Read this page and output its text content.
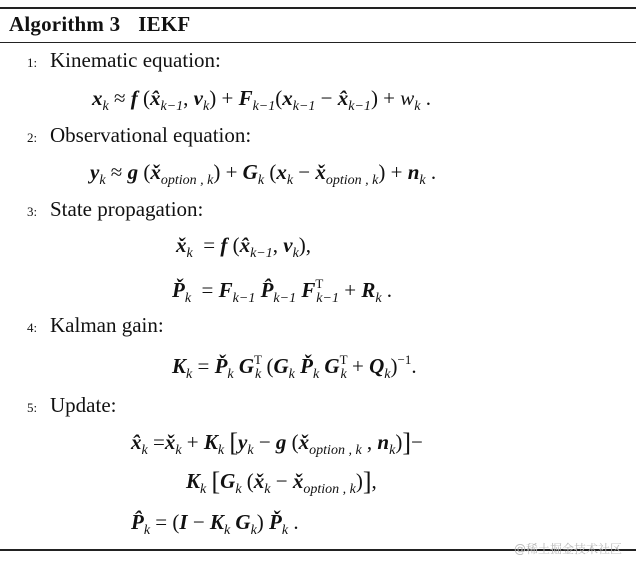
Algorithm 3 IEKF
1: Kinematic equation:
$x_k \approx f$ ($x̂_{k-1}$, $v_k) + F_{k-1}(x_{k-1}$ − $x̂_{k-1}) + w_k$ .
2: Observational equation:
$y_k \approx g$ $(x̌_{option , k}) + G_k$ ($x_k$ − $x̌_{option , k}) + n_k$ .
3: State propagation:
$x̌_k = f$ ($x̂_{k-1}$, $v_k$),
$P̌_k = F_{k-1}$ $P̂_{k-1}$ $F^T_{k-1} + R_k$ .
4: Kalman gain:
$K_k$ = $P̌_k$ $G^T_k$ ($G_k$ $P̌_k$ $G^T_k + Q_k)^{-1}$.
5: Update:
$x̂_k$ $=x̌_k + K_k$ [$y_k - g$ ($x̌_{option , k}$ , $n_k)]-$
$K_k$ [$G_k$ ($x̌_k$ − $x̌_{option , k}$)],
$P̂_k = (I - K_k$ $G_k$) $P̌_k$ .
@稀土掘金技术社区
